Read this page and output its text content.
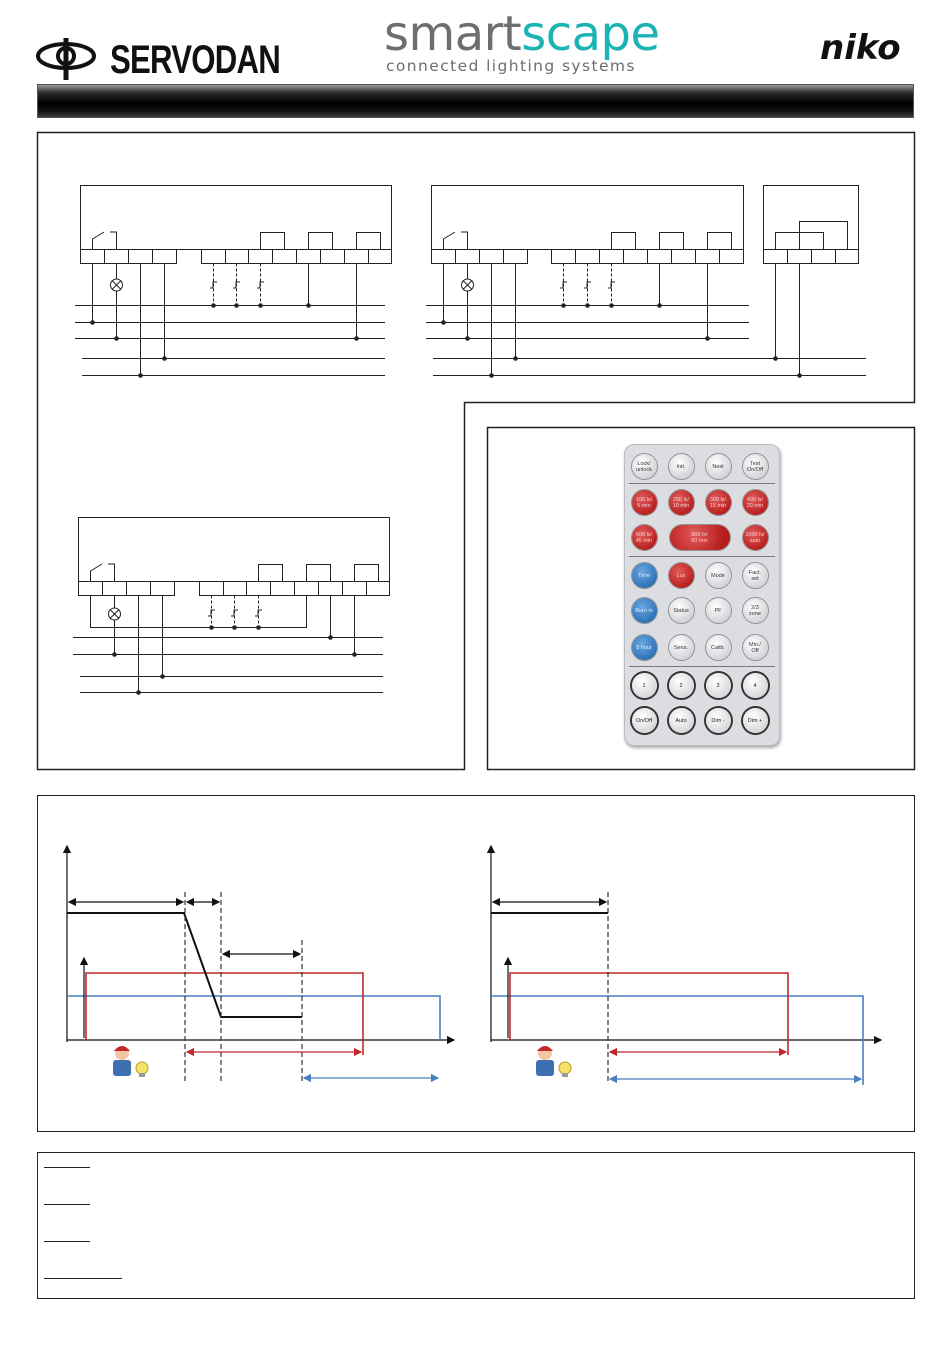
SERVODAN smartscape
connected lighting systems	niko
Lock/
unlock	Init.	Next	Test
On/Off
100 lx/
5 min
200 lx/
10 min
300 lx/
15 min
400 lx/
20 min
600 lx/
45 min
800 lx/
60 min
1000 lx/
auto
Time	Lux	Mode	Fact.
set
Burn in	Status	PF	2/3
zone
8 hour	Sens.	Calib.	Min./
Off
1	2	3	4
On/Off	Auto	Dim -	Dim +
